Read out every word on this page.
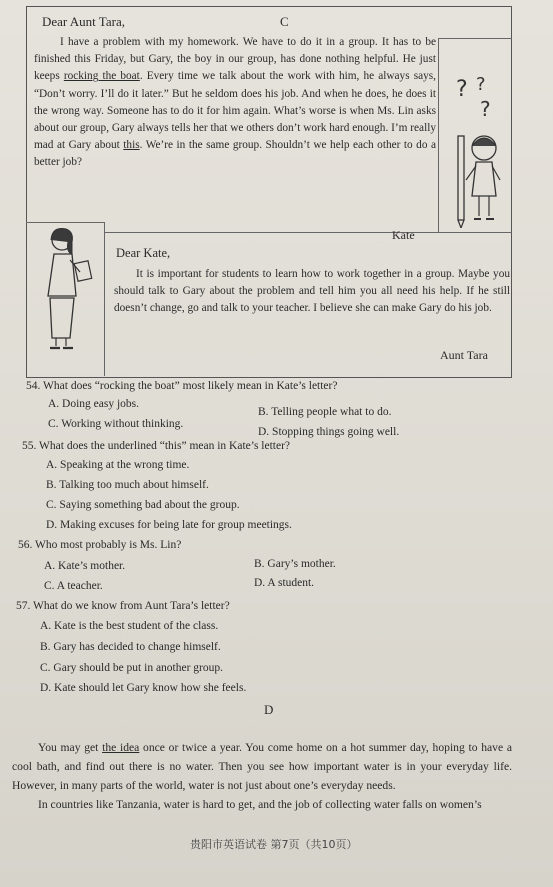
C
Dear Aunt Tara,

I have a problem with my homework. We have to do it in a group. It has to be finished this Friday, but Gary, the boy in our group, has done nothing helpful. He just keeps rocking the boat. Every time we talk about the work with him, he always says, “Don’t worry. I’ll do it later.” But he seldom does his job. And when he does, he does it the wrong way. Someone has to do it for him again. What’s worse is when Ms. Lin asks about our group, Gary always tells her that we others don’t work hard enough. I’m really mad at Gary about this. We’re in the same group. Shouldn’t we help each other to do a better job?

Kate
? ?
?
Dear Kate,

It is important for students to learn how to work together in a group. Maybe you should talk to Gary about the problem and tell him you all need his help. If he still doesn’t change, go and talk to your teacher. I believe she can make Gary do his job.

Aunt Tara
54. What does “rocking the boat” most likely mean in Kate’s letter?
A. Doing easy jobs.
B. Telling people what to do.
C. Working without thinking.
D. Stopping things going well.
55. What does the underlined “this” mean in Kate’s letter?
A. Speaking at the wrong time.
B. Talking too much about himself.
C. Saying something bad about the group.
D. Making excuses for being late for group meetings.
56. Who most probably is Ms. Lin?
A. Kate’s mother.	B. Gary’s mother.
C. A teacher.	D. A student.
57. What do we know from Aunt Tara’s letter?
A. Kate is the best student of the class.
B. Gary has decided to change himself.
C. Gary should be put in another group.
D. Kate should let Gary know how she feels.
D

You may get the idea once or twice a year. You come home on a hot summer day, hoping to have a cool bath, and find out there is no water. Then you see how important water is in your everyday life. However, in many parts of the world, water is not just about one’s everyday needs.

In countries like Tanzania, water is hard to get, and the job of collecting water falls on women’s

贵阳市英语试卷 第7页（共10页）
